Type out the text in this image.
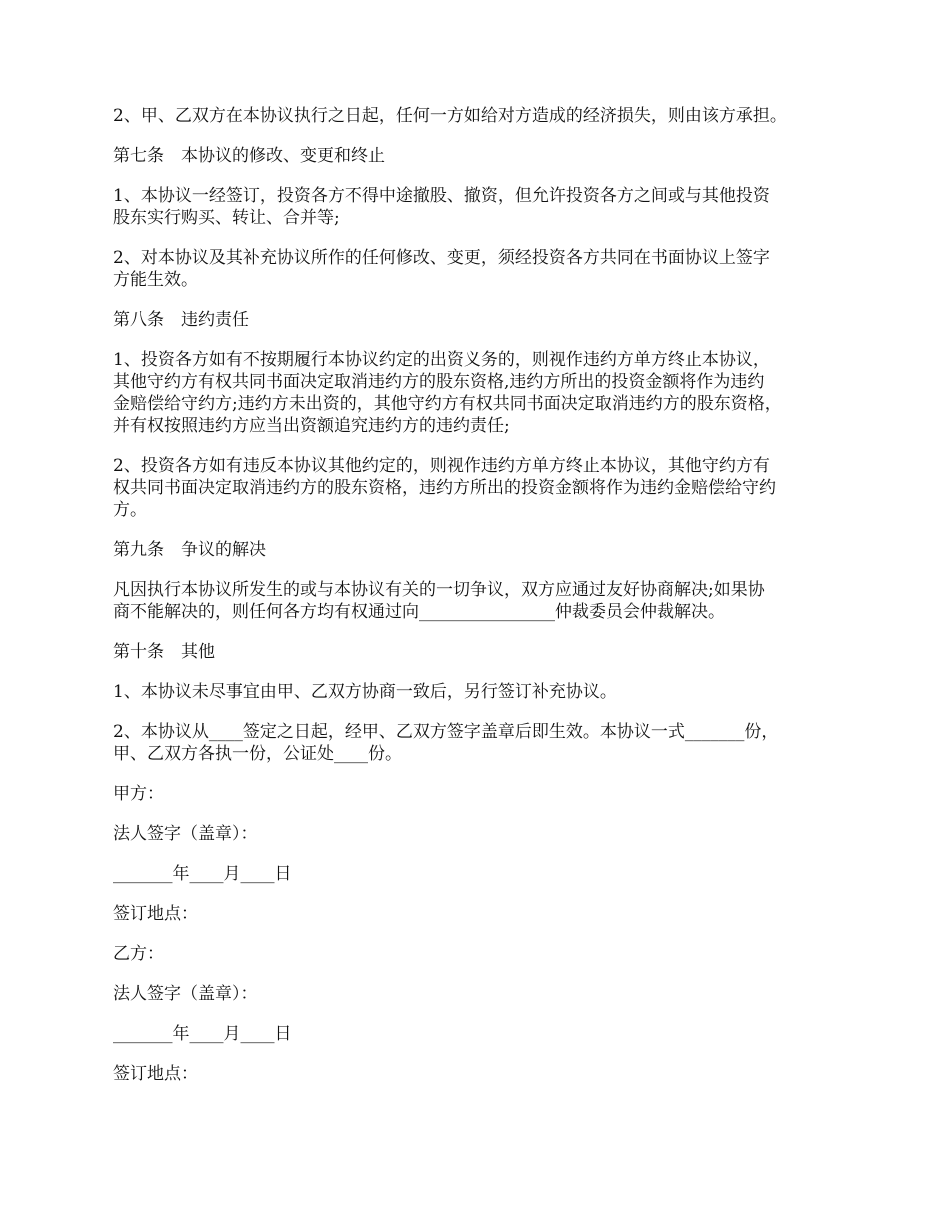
2、甲、乙双方在本协议执行之日起，任何一方如给对方造成的经济损失，则由该方承担。

第七条　本协议的修改、变更和终止

1、本协议一经签订，投资各方不得中途撤股、撤资，但允许投资各方之间或与其他投资
股东实行购买、转让、合并等;

2、对本协议及其补充协议所作的任何修改、变更，须经投资各方共同在书面协议上签字
方能生效。

第八条　违约责任

1、投资各方如有不按期履行本协议约定的出资义务的，则视作违约方单方终止本协议，
其他守约方有权共同书面决定取消违约方的股东资格,违约方所出的投资金额将作为违约
金赔偿给守约方;违约方未出资的，其他守约方有权共同书面决定取消违约方的股东资格，
并有权按照违约方应当出资额追究违约方的违约责任;

2、投资各方如有违反本协议其他约定的，则视作违约方单方终止本协议，其他守约方有
权共同书面决定取消违约方的股东资格，违约方所出的投资金额将作为违约金赔偿给守约
方。

第九条　争议的解决

凡因执行本协议所发生的或与本协议有关的一切争议，双方应通过友好协商解决;如果协
商不能解决的，则任何各方均有权通过向________________仲裁委员会仲裁解决。

第十条　其他

1、本协议未尽事宜由甲、乙双方协商一致后，另行签订补充协议。

2、本协议从____签定之日起，经甲、乙双方签字盖章后即生效。本协议一式_______份，
甲、乙双方各执一份，公证处____份。

甲方：

法人签字（盖章）：

_______年____月____日

签订地点：

乙方：

法人签字（盖章）：

_______年____月____日

签订地点：
